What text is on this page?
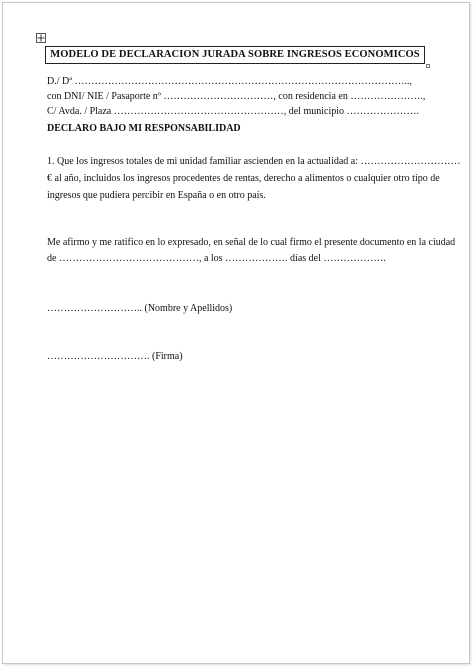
MODELO DE DECLARACION JURADA SOBRE INGRESOS ECONOMICOS
D./ Dª ………………………………………………………………………………………..,
con DNI/ NIE / Pasaporte nº ……………………………, con residencia en ………………….,
C/ Avda. / Plaza ……………………………………………, del municipio ………………….
DECLARO BAJO MI RESPONSABILIDAD
1. Que los ingresos totales de mi unidad familiar ascienden en la actualidad a: …………………………
€ al año, incluidos los ingresos procedentes de rentas, derecho a alimentos o cualquier otro tipo de
ingresos que pudiera percibir en España o en otro país.
Me afirmo y me ratifico en lo expresado, en señal de lo cual firmo el presente documento en la ciudad
de ……………………………………, a los ………………. días del ……………….
……………………….. (Nombre y Apellidos)
…………………………. (Firma)
